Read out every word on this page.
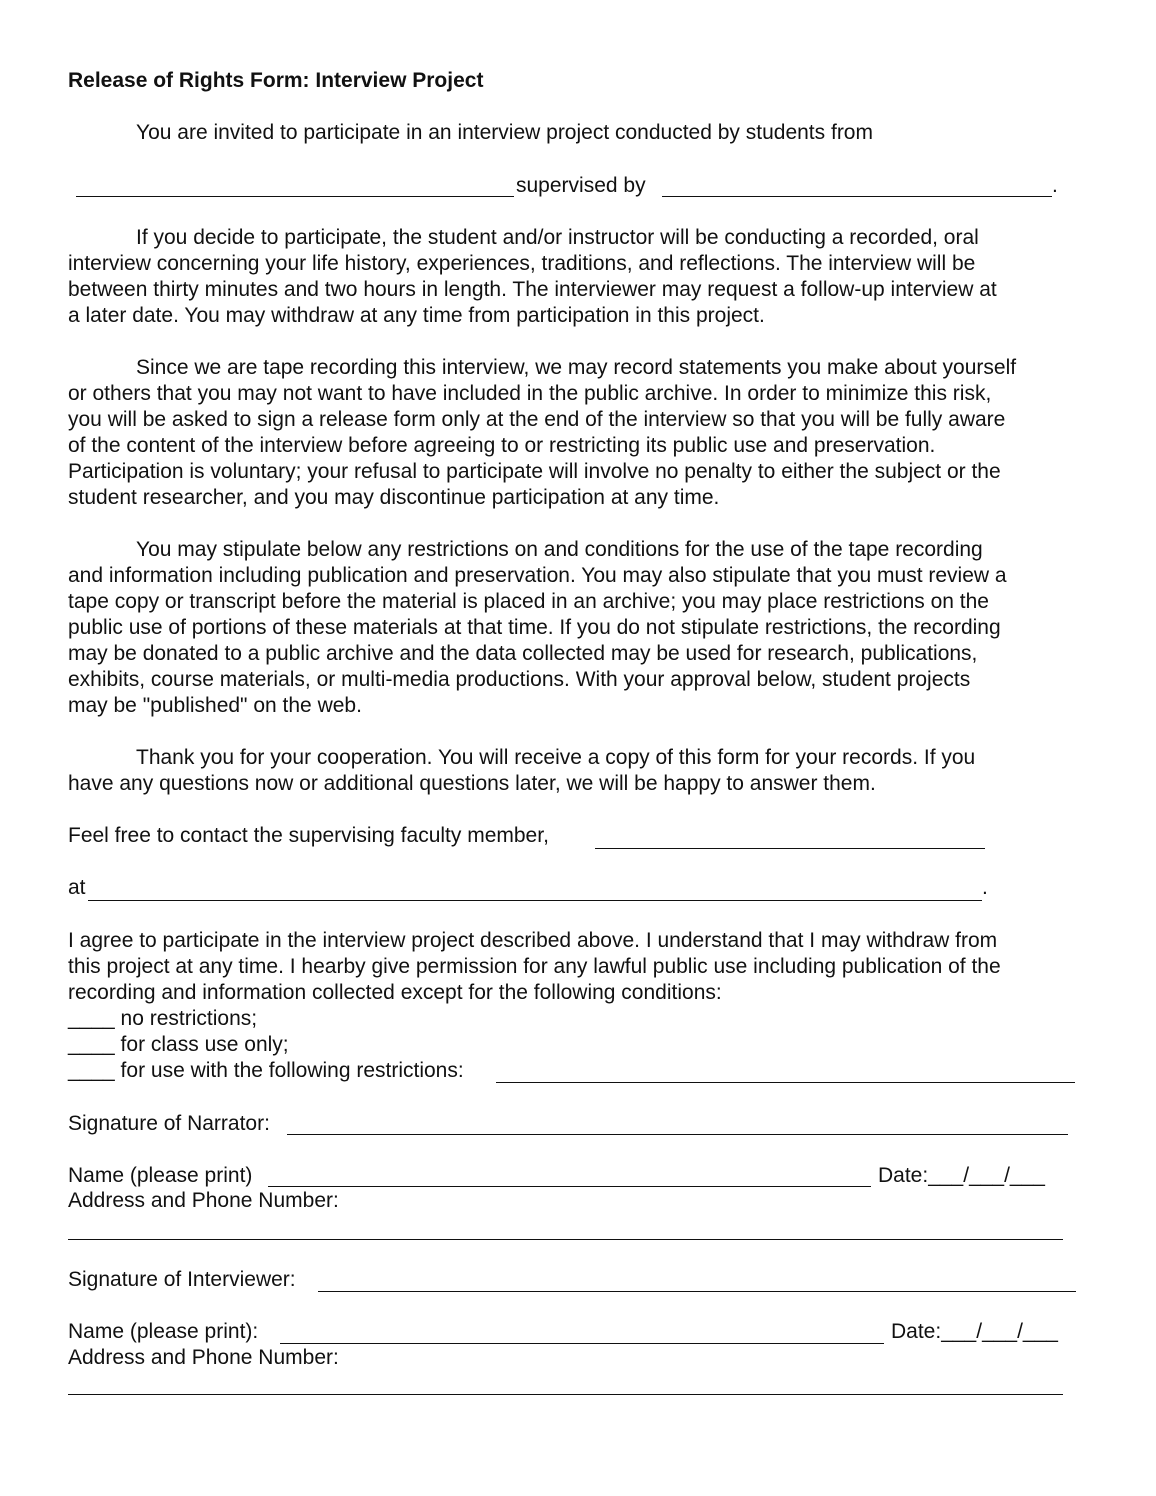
Release of Rights Form: Interview Project
You are invited to participate in an interview project conducted by students from
supervised by	.
If you decide to participate, the student and/or instructor will be conducting a recorded, oral
interview concerning your life history, experiences, traditions, and reflections. The interview will be
between thirty minutes and two hours in length. The interviewer may request a follow-up interview at
a later date. You may withdraw at any time from participation in this project.
Since we are tape recording this interview, we may record statements you make about yourself
or others that you may not want to have included in the public archive. In order to minimize this risk,
you will be asked to sign a release form only at the end of the interview so that you will be fully aware
of the content of the interview before agreeing to or restricting its public use and preservation.
Participation is voluntary; your refusal to participate will involve no penalty to either the subject or the
student researcher, and you may discontinue participation at any time.
You may stipulate below any restrictions on and conditions for the use of the tape recording
and information including publication and preservation. You may also stipulate that you must review a
tape copy or transcript before the material is placed in an archive; you may place restrictions on the
public use of portions of these materials at that time. If you do not stipulate restrictions, the recording
may be donated to a public archive and the data collected may be used for research, publications,
exhibits, course materials, or multi-media productions. With your approval below, student projects
may be "published" on the web.
Thank you for your cooperation. You will receive a copy of this form for your records. If you
have any questions now or additional questions later, we will be happy to answer them.
Feel free to contact the supervising faculty member,
at	.
I agree to participate in the interview project described above. I understand that I may withdraw from
this project at any time. I hearby give permission for any lawful public use including publication of the
recording and information collected except for the following conditions:
____ no restrictions;
____ for class use only;
____ for use with the following restrictions:
Signature of Narrator:
Name (please print)	Date:___/___/___
Address and Phone Number:
Signature of Interviewer:
Name (please print):	Date:___/___/___
Address and Phone Number:
